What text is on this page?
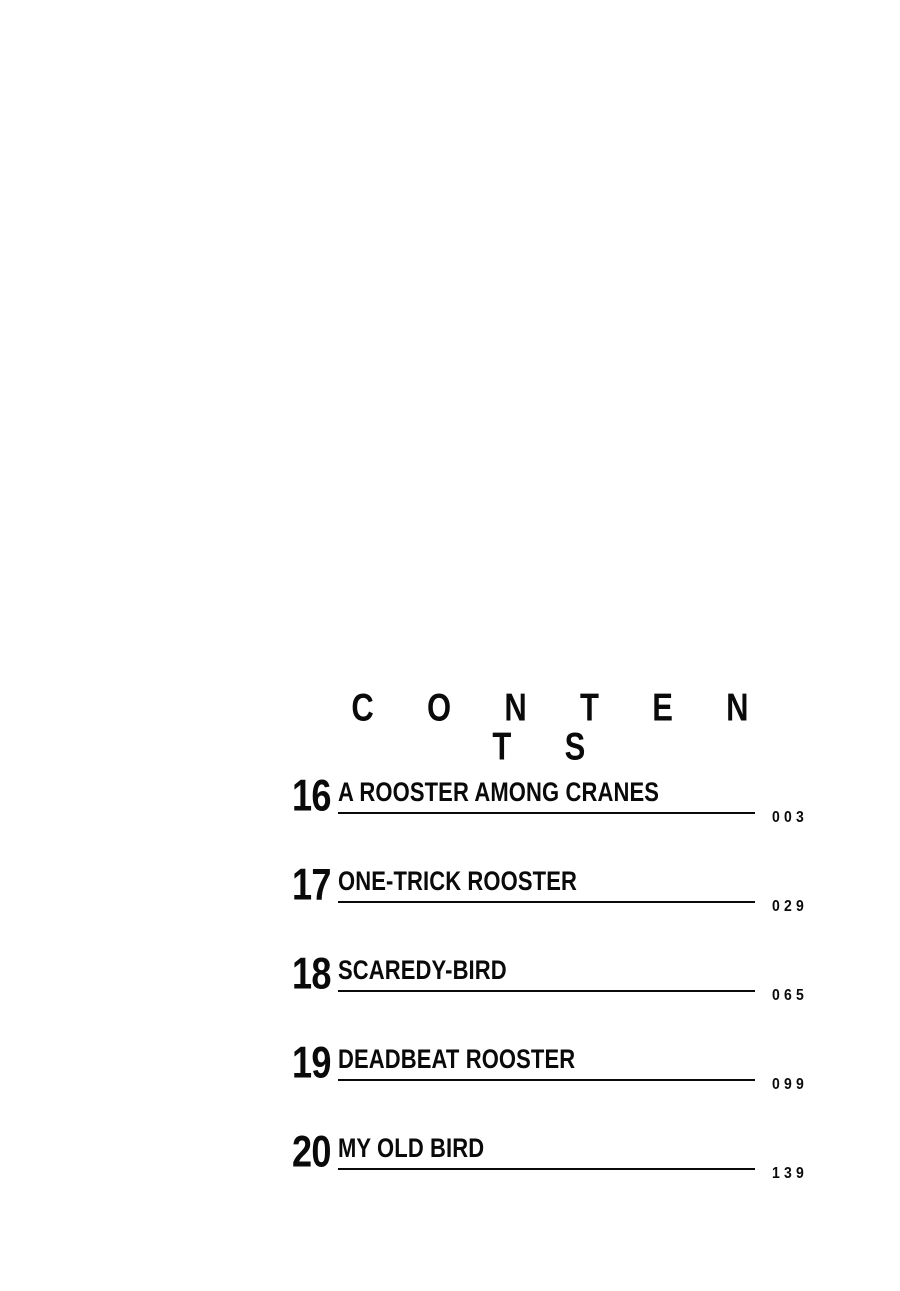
C O N T E N T S
16 A ROOSTER AMONG CRANES
003
17 ONE-TRICK ROOSTER
029
18 SCAREDY-BIRD
065
19 DEADBEAT ROOSTER
099
20 MY OLD BIRD
139
